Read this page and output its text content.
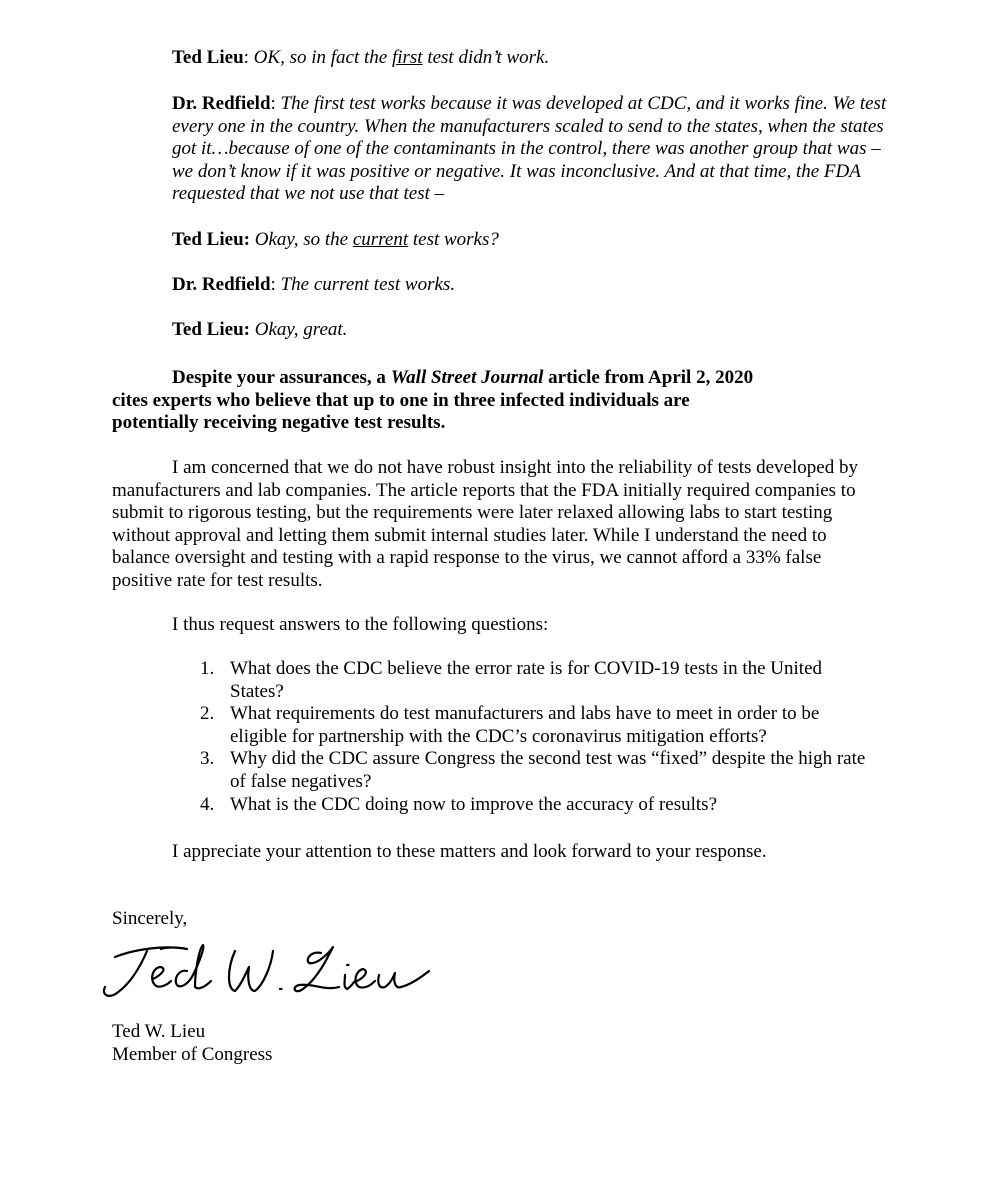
Ted Lieu: OK, so in fact the first test didn’t work.

Dr. Redfield: The first test works because it was developed at CDC, and it works fine. We test every one in the country. When the manufacturers scaled to send to the states, when the states got it…because of one of the contaminants in the control, there was another group that was – we don’t know if it was positive or negative. It was inconclusive. And at that time, the FDA requested that we not use that test –

Ted Lieu: Okay, so the current test works?

Dr. Redfield: The current test works.

Ted Lieu: Okay, great.

Despite your assurances, a Wall Street Journal article from April 2, 2020
cites experts who believe that up to one in three infected individuals are
potentially receiving negative test results.

I am concerned that we do not have robust insight into the reliability of tests developed by manufacturers and lab companies. The article reports that the FDA initially required companies to submit to rigorous testing, but the requirements were later relaxed allowing labs to start testing without approval and letting them submit internal studies later. While I understand the need to balance oversight and testing with a rapid response to the virus, we cannot afford a 33% false positive rate for test results.

I thus request answers to the following questions:

1. What does the CDC believe the error rate is for COVID-19 tests in the United States?
2. What requirements do test manufacturers and labs have to meet in order to be eligible for partnership with the CDC’s coronavirus mitigation efforts?
3. Why did the CDC assure Congress the second test was “fixed” despite the high rate of false negatives?
4. What is the CDC doing now to improve the accuracy of results?

I appreciate your attention to these matters and look forward to your response.

Sincerely,

Ted W. Lieu
Member of Congress
